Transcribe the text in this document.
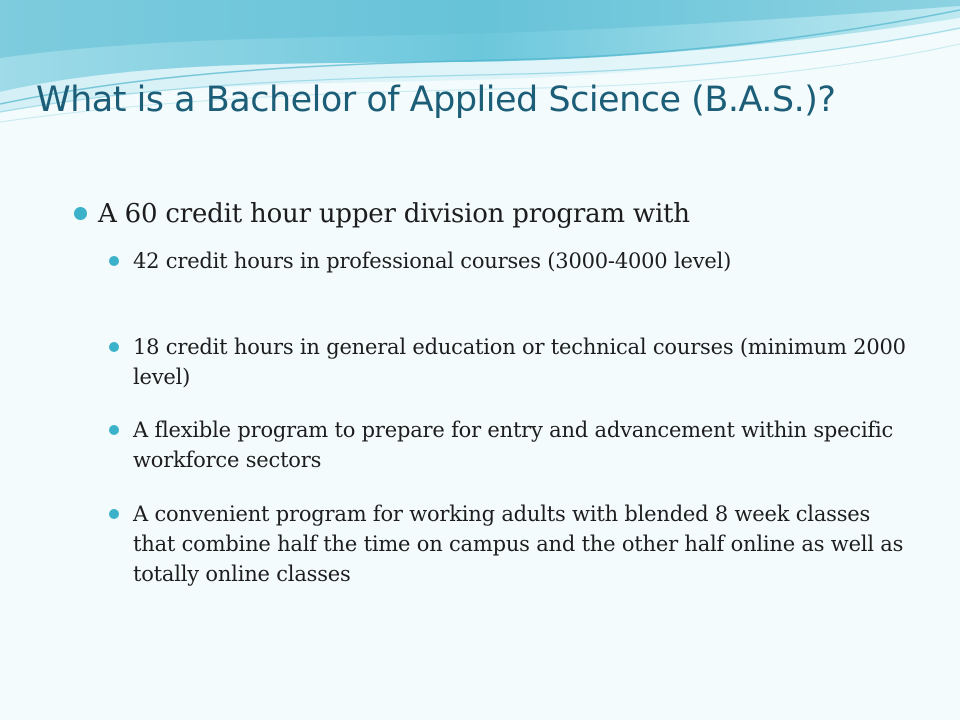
What is a Bachelor of Applied Science (B.A.S.)?

A 60 credit hour upper division program with

42 credit hours in professional courses (3000-4000 level)

18 credit hours in general education or technical courses (minimum 2000 level)

A flexible program to prepare for entry and advancement within specific workforce sectors

A convenient program for working adults with blended 8 week classes that combine half the time on campus and the other half online as well as totally online classes
